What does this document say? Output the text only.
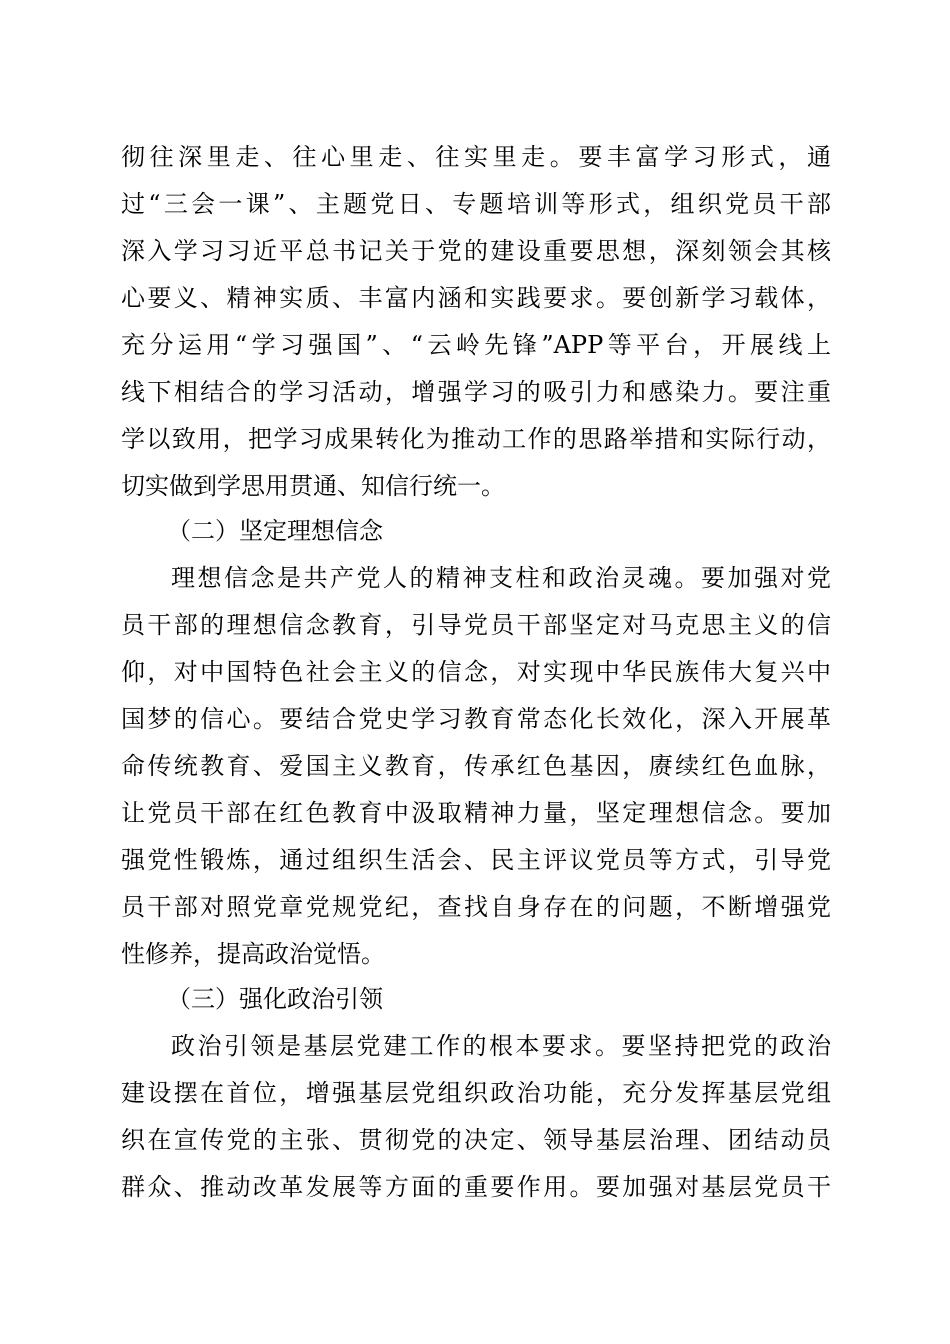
彻往深里走、往心里走、往实里走。要丰富学习形式，通
过“三会一课”、主题党日、专题培训等形式，组织党员干部
深入学习习近平总书记关于党的建设重要思想，深刻领会其核
心要义、精神实质、丰富内涵和实践要求。要创新学习载体，
充分运用“学习强国”、“云岭先锋”APP等平台，开展线上
线下相结合的学习活动，增强学习的吸引力和感染力。要注重
学以致用，把学习成果转化为推动工作的思路举措和实际行动，
切实做到学思用贯通、知信行统一。
（二）坚定理想信念
理想信念是共产党人的精神支柱和政治灵魂。要加强对党
员干部的理想信念教育，引导党员干部坚定对马克思主义的信
仰，对中国特色社会主义的信念，对实现中华民族伟大复兴中
国梦的信心。要结合党史学习教育常态化长效化，深入开展革
命传统教育、爱国主义教育，传承红色基因，赓续红色血脉，
让党员干部在红色教育中汲取精神力量，坚定理想信念。要加
强党性锻炼，通过组织生活会、民主评议党员等方式，引导党
员干部对照党章党规党纪，查找自身存在的问题，不断增强党
性修养，提高政治觉悟。
（三）强化政治引领
政治引领是基层党建工作的根本要求。要坚持把党的政治
建设摆在首位，增强基层党组织政治功能，充分发挥基层党组
织在宣传党的主张、贯彻党的决定、领导基层治理、团结动员
群众、推动改革发展等方面的重要作用。要加强对基层党员干
